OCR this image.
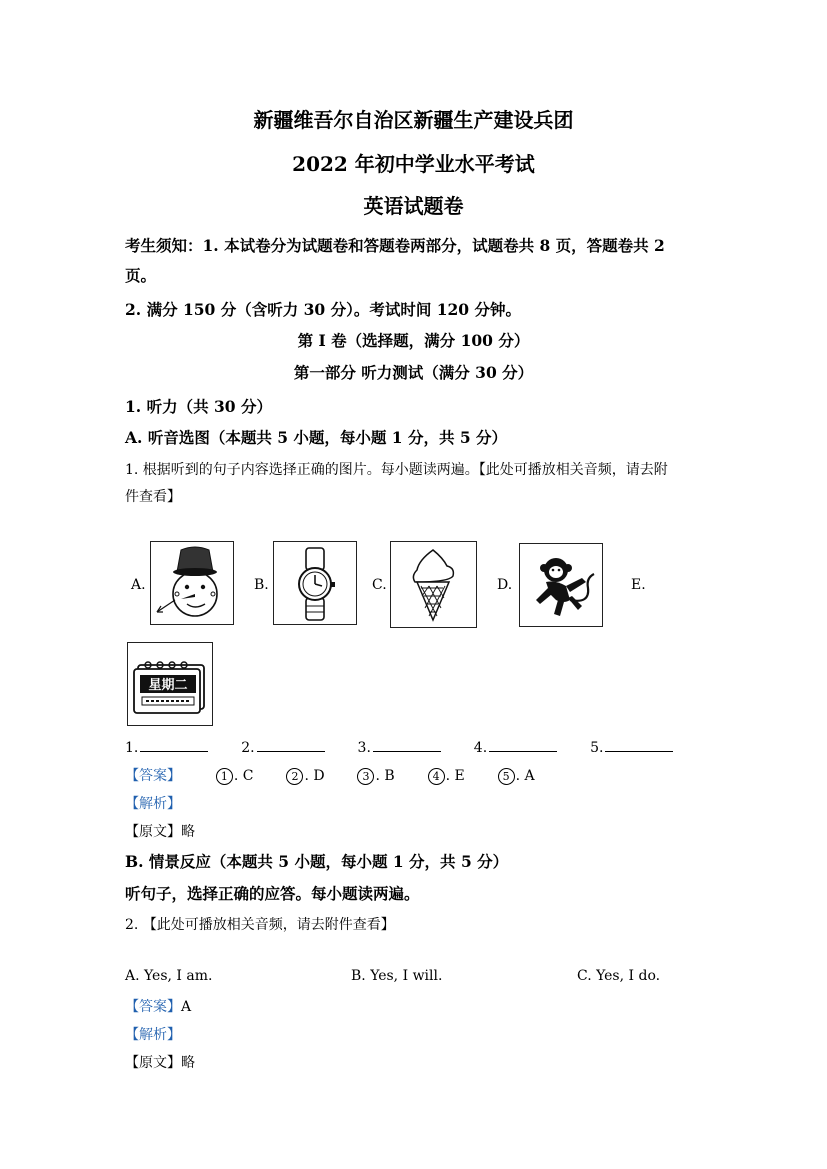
新疆维吾尔自治区新疆生产建设兵团
2022 年初中学业水平考试
英语试题卷
考生须知：1. 本试卷分为试题卷和答题卷两部分，试题卷共 8 页，答题卷共 2
页。
2. 满分 150 分（含听力 30 分）。考试时间 120 分钟。
第 I 卷（选择题，满分 100 分）
第一部分 听力测试（满分 30 分）
1. 听力（共 30 分）
A. 听音选图（本题共 5 小题，每小题 1 分，共 5 分）
1. 根据听到的句子内容选择正确的图片。每小题读两遍。【此处可播放相关音频，请去附
件查看】
A.	B.	C.	D.	E.
星期二
1.	2.	3.	4.	5.
【答案】	1 . C	2 . D	3 . B	4 . E	5 . A
【解析】
【原文】略
B. 情景反应（本题共 5 小题，每小题 1 分，共 5 分）
听句子，选择正确的应答。每小题读两遍。
2. 【此处可播放相关音频，请去附件查看】
A. Yes, I am.	B. Yes, I will.	C. Yes, I do.
【答案】A
【解析】
【原文】略
